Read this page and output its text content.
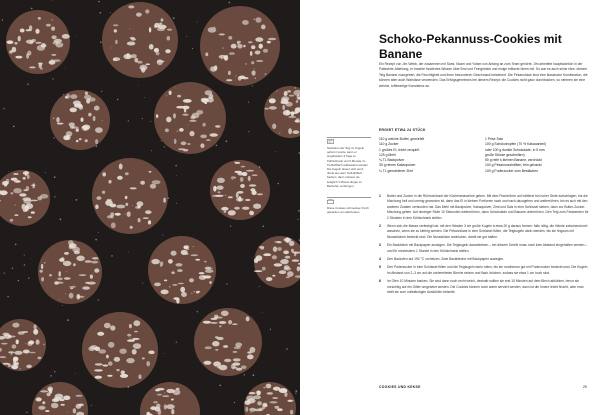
Schoko-Pekannuss-Cookies mit Banane

Ein Rezept von Jim Webb, der zusammen mit Sami, Noam und Yotam von Anfang an zum Team gehörte. Jim arbeitete hauptsächlich in der Patisserie-Abteilung, er brachte fundiertes Wissen über Brot und Feingebäck und einige brillante Ideen mit. So war es auch seine Idee, diesem Teig Banane zuzugeben, die Feuchtigkeit und ihren besonderen Geschmack beisteuert. Die Pekannüsse sind eine klassische Kombination, die können aber auch Walnüsse verwenden. Das Erfolgsgeheimnis bei diesem Rezept: die Cookies nicht ganz durchbacken, so nehmen sie eine weiche, toffeeartige Konsistenz an.

ERGIBT ETWA 24 STÜCK

110 g weiche Butter, gewürfelt
110 g Zucker
1 großes Ei, leicht verquirlt
125 g Mehl
¾ TL Backpulver
30 g reines Kakaopulver
¼ TL gemahlener Zimt
1 Prise Salz
100 g Schokotropfen (70 % Kakaoanteil)
oder 100 g dunkle Schokolade, in 5 mm
große Stücke geschnitten)
50 g reife k kleinen Banane, zerdrückt
100 g Pekannusshälften, fein gehackt
100 g Puderzucker zum Bestäuben
1 Butter und Zucker in die Rührschüssel der Küchenmaschine geben. Mit dem Flachrührer auf mittlerer bis hoher Stufe aufschlagen, bis die Mischung hell und cremig geworden ist, dann das Ei in kleinen Portionen nach und nach dazugeben und weiterrühren, bis es sich mit den anderen Zutaten verbunden hat. Das Mehl mit Backpulver, Kakaopulver, Zimt und Salz in eine Schüssel sieben, dann zur Butter-Zucker-Mischung geben. Auf niedriger Stufe 10 Sekunden weiterrühren, dann Schokolade und Banane unterrühren. Den Teig zum Festwerden für 2 Stunden in den Kühlschrank stellen.
2 Wenn sich die Masse verfestigt hat, mit den Händen 3 cm große Kugeln à etwa 20 g daraus formen: falls nötig, die Hände zwischendurch waschen, wenn sie zu klebrig werden. Die Pekannüsse in eine Schüssel füllen, die Teigkugeln darin wenden, bis sie ringsum mit Nussstücken bedeckt sind. Die Nussstücke andrücken, damit sie gut haften.
3 Ein Backblech mit Backpapier auslegen. Die Teigkugeln daraufsetzen – bei diesem Schritt muss noch kein Abstand eingehalten werden – und für mindestens 1 Stunde in den Kühlschrank stellen.
4 Den Backofen auf 190 °C vorheizen. Zwei Backbleche mit Backpapier auslegen.
5 Den Puderzucker in eine Schüssel füllen und die Teigkugeln darin rollen, bis sie rundherum gut mit Puderzucker bedeckt sind. Die Kugeln im Abstand von 2–3 cm auf die vorbereiteten Bleche setzen und flach drücken, sodass sie etwa 1 cm hoch sind.
6 Im Ofen 10 Minuten backen. Sie sind dann noch recht weich, deshalb sollten sie erst 10 Minuten auf dem Blech abkühlen, bevor sie vorsichtig auf ein Gitter umgesetzt werden. Die Cookies können noch warm serviert werden, dann ist die Innere leicht feucht, oder man stellt sie zum vollständigen Auskühlen beiseite.
Nachdem der Teig zu Kugeln geformt wurde, kann er angebacken 3 Tage im Kühlschrank und 3 Monate im Tiefkühlfach aufbewahrt werden. Die Kugeln lassen sich auch direkt aus dem Tiefkühlfach backen, dann müssen sie lediglich 1 Minute länger im Backofen verbringen.
Diese Cookies schmecken frisch gebacken am allerbesten.
COOKIES UND KEKSE	29
